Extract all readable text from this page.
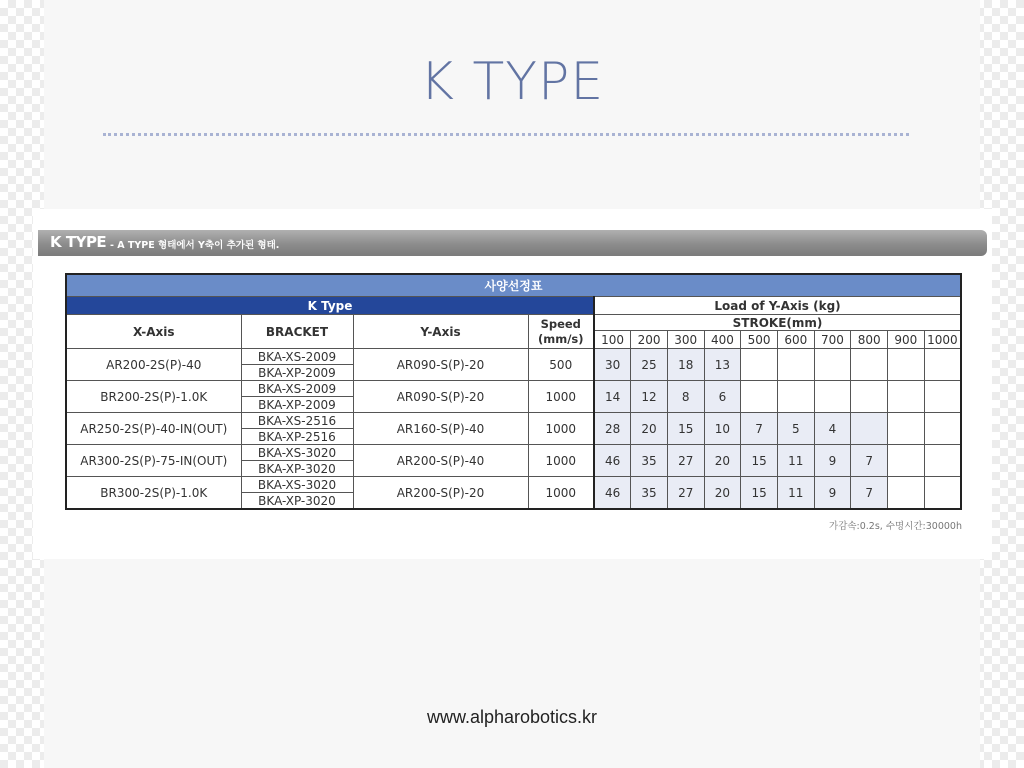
K TYPE
K TYPE - A TYPE 형태에서 Y축이 추가된 형태.
사양선정표													
K Type				Load of Y-Axis (kg)									
X-Axis	BRACKET	Y-Axis	Speed
(mm/s)	STROKE(mm)									
				100	200	300	400	500	600	700	800	900	1000
AR200-2S(P)-40	BKA-XS-2009	AR090-S(P)-20	500	30	25	18	13						
	BKA-XP-2009												
BR200-2S(P)-1.0K	BKA-XS-2009	AR090-S(P)-20	1000	14	12	8	6						
	BKA-XP-2009												
AR250-2S(P)-40-IN(OUT)	BKA-XS-2516	AR160-S(P)-40	1000	28	20	15	10	7	5	4			
	BKA-XP-2516												
AR300-2S(P)-75-IN(OUT)	BKA-XS-3020	AR200-S(P)-40	1000	46	35	27	20	15	11	9	7		
	BKA-XP-3020												
BR300-2S(P)-1.0K	BKA-XS-3020	AR200-S(P)-20	1000	46	35	27	20	15	11	9	7		
	BKA-XP-3020												
가감속:0.2s, 수명시간:30000h
www.alpharobotics.kr
